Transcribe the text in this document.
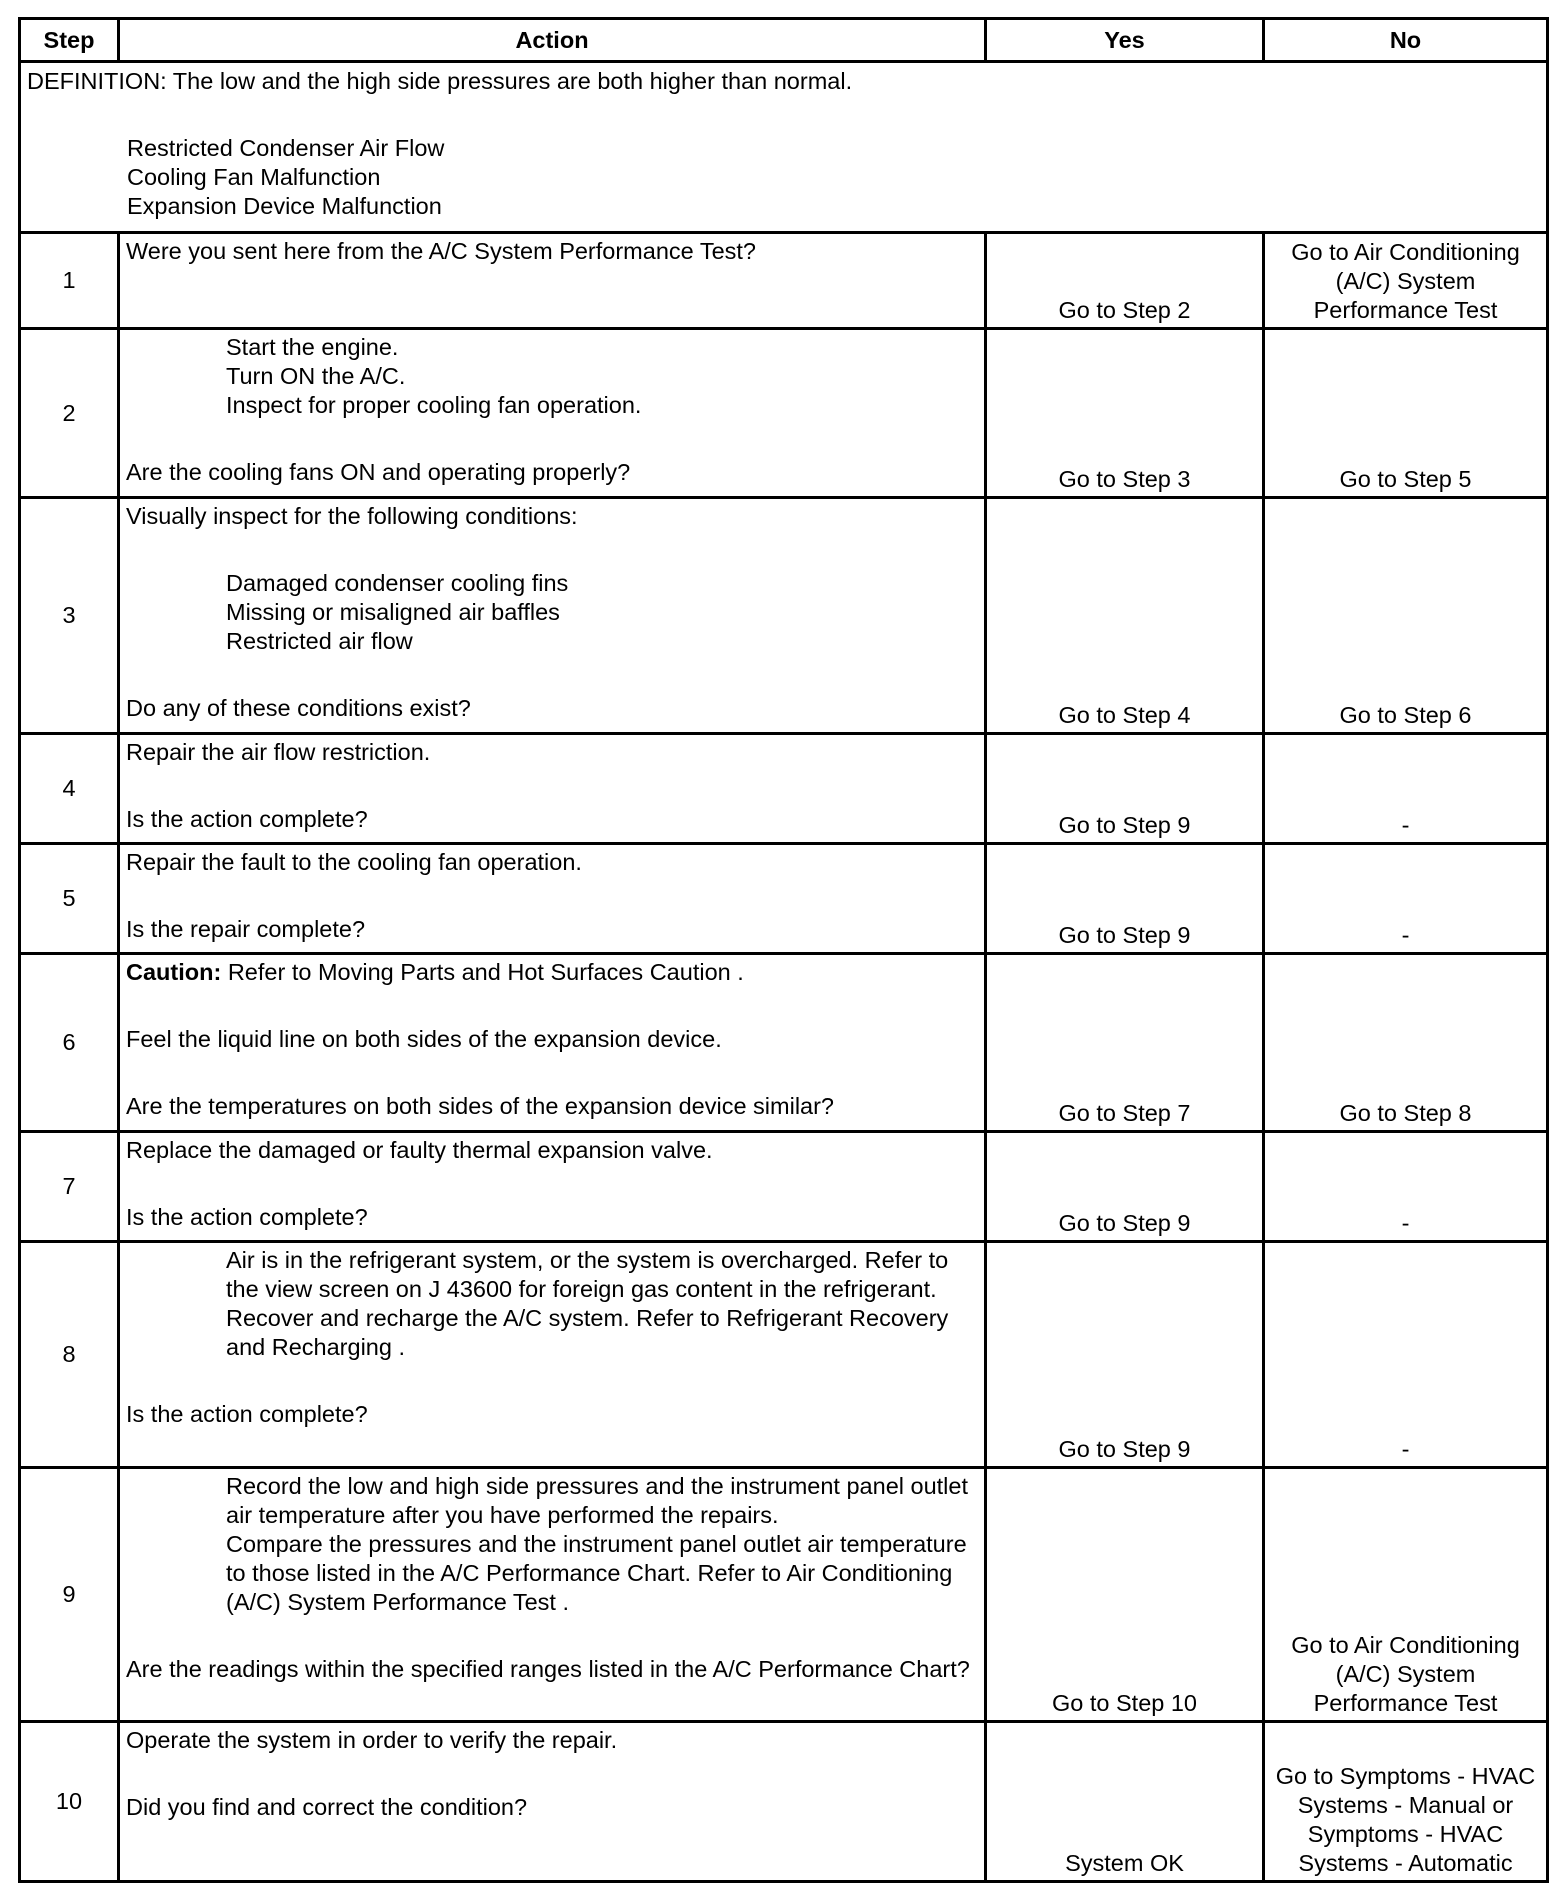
Step	Action	Yes	No

DEFINITION: The low and the high side pressures are both higher than normal.
Restricted Condenser Air Flow
Cooling Fan Malfunction
Expansion Device Malfunction			

1	Were you sent here from the A/C System Performance Test?	Go to Step 2	Go to Air Conditioning (A/C) System Performance Test
2	Start the engine.
Turn ON the A/C.
Inspect for proper cooling fan operation.
Are the cooling fans ON and operating properly?	Go to Step 3	Go to Step 5
3	Visually inspect for the following conditions:
Damaged condenser cooling fins
Missing or misaligned air baffles
Restricted air flow
Do any of these conditions exist?	Go to Step 4	Go to Step 6
4	Repair the air flow restriction.
Is the action complete?	Go to Step 9	-
5	Repair the fault to the cooling fan operation.
Is the repair complete?	Go to Step 9	-
6	Caution: Refer to Moving Parts and Hot Surfaces Caution .
Feel the liquid line on both sides of the expansion device.
Are the temperatures on both sides of the expansion device similar?	Go to Step 7	Go to Step 8
7	Replace the damaged or faulty thermal expansion valve.
Is the action complete?	Go to Step 9	-
8	Air is in the refrigerant system, or the system is overcharged. Refer to the view screen on J 43600 for foreign gas content in the refrigerant.
Recover and recharge the A/C system. Refer to Refrigerant Recovery and Recharging .
Is the action complete?	Go to Step 9	-
9	Record the low and high side pressures and the instrument panel outlet air temperature after you have performed the repairs.
Compare the pressures and the instrument panel outlet air temperature to those listed in the A/C Performance Chart. Refer to Air Conditioning (A/C) System Performance Test .
Are the readings within the specified ranges listed in the A/C Performance Chart?	Go to Step 10	Go to Air Conditioning (A/C) System Performance Test
10	Operate the system in order to verify the repair.
Did you find and correct the condition?	System OK	Go to Symptoms - HVAC Systems - Manual or Symptoms - HVAC Systems - Automatic
